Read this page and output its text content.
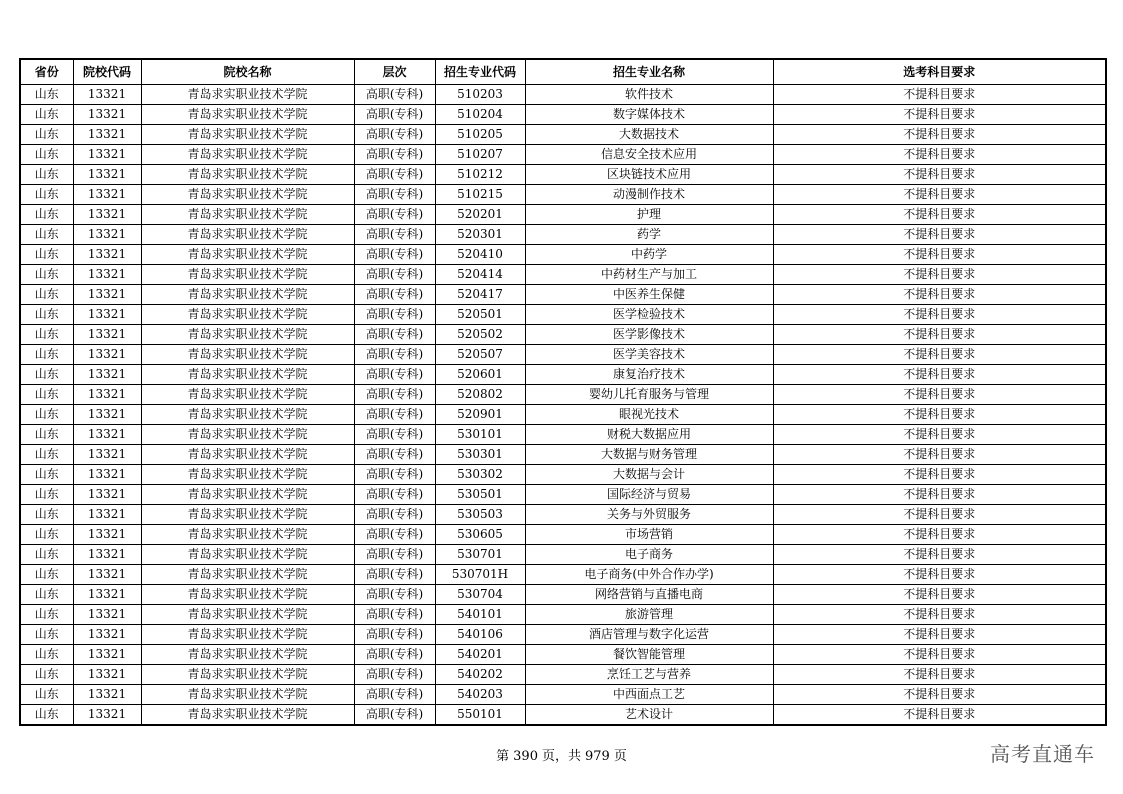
省份	院校代码	院校名称	层次	招生专业代码	招生专业名称	选考科目要求
山东	13321	青岛求实职业技术学院	高职(专科)	510203	软件技术	不提科目要求
山东	13321	青岛求实职业技术学院	高职(专科)	510204	数字媒体技术	不提科目要求
山东	13321	青岛求实职业技术学院	高职(专科)	510205	大数据技术	不提科目要求
山东	13321	青岛求实职业技术学院	高职(专科)	510207	信息安全技术应用	不提科目要求
山东	13321	青岛求实职业技术学院	高职(专科)	510212	区块链技术应用	不提科目要求
山东	13321	青岛求实职业技术学院	高职(专科)	510215	动漫制作技术	不提科目要求
山东	13321	青岛求实职业技术学院	高职(专科)	520201	护理	不提科目要求
山东	13321	青岛求实职业技术学院	高职(专科)	520301	药学	不提科目要求
山东	13321	青岛求实职业技术学院	高职(专科)	520410	中药学	不提科目要求
山东	13321	青岛求实职业技术学院	高职(专科)	520414	中药材生产与加工	不提科目要求
山东	13321	青岛求实职业技术学院	高职(专科)	520417	中医养生保健	不提科目要求
山东	13321	青岛求实职业技术学院	高职(专科)	520501	医学检验技术	不提科目要求
山东	13321	青岛求实职业技术学院	高职(专科)	520502	医学影像技术	不提科目要求
山东	13321	青岛求实职业技术学院	高职(专科)	520507	医学美容技术	不提科目要求
山东	13321	青岛求实职业技术学院	高职(专科)	520601	康复治疗技术	不提科目要求
山东	13321	青岛求实职业技术学院	高职(专科)	520802	婴幼儿托育服务与管理	不提科目要求
山东	13321	青岛求实职业技术学院	高职(专科)	520901	眼视光技术	不提科目要求
山东	13321	青岛求实职业技术学院	高职(专科)	530101	财税大数据应用	不提科目要求
山东	13321	青岛求实职业技术学院	高职(专科)	530301	大数据与财务管理	不提科目要求
山东	13321	青岛求实职业技术学院	高职(专科)	530302	大数据与会计	不提科目要求
山东	13321	青岛求实职业技术学院	高职(专科)	530501	国际经济与贸易	不提科目要求
山东	13321	青岛求实职业技术学院	高职(专科)	530503	关务与外贸服务	不提科目要求
山东	13321	青岛求实职业技术学院	高职(专科)	530605	市场营销	不提科目要求
山东	13321	青岛求实职业技术学院	高职(专科)	530701	电子商务	不提科目要求
山东	13321	青岛求实职业技术学院	高职(专科)	530701H	电子商务(中外合作办学)	不提科目要求
山东	13321	青岛求实职业技术学院	高职(专科)	530704	网络营销与直播电商	不提科目要求
山东	13321	青岛求实职业技术学院	高职(专科)	540101	旅游管理	不提科目要求
山东	13321	青岛求实职业技术学院	高职(专科)	540106	酒店管理与数字化运营	不提科目要求
山东	13321	青岛求实职业技术学院	高职(专科)	540201	餐饮智能管理	不提科目要求
山东	13321	青岛求实职业技术学院	高职(专科)	540202	烹饪工艺与营养	不提科目要求
山东	13321	青岛求实职业技术学院	高职(专科)	540203	中西面点工艺	不提科目要求
山东	13321	青岛求实职业技术学院	高职(专科)	550101	艺术设计	不提科目要求
第 390 页，共 979 页	高考直通车
